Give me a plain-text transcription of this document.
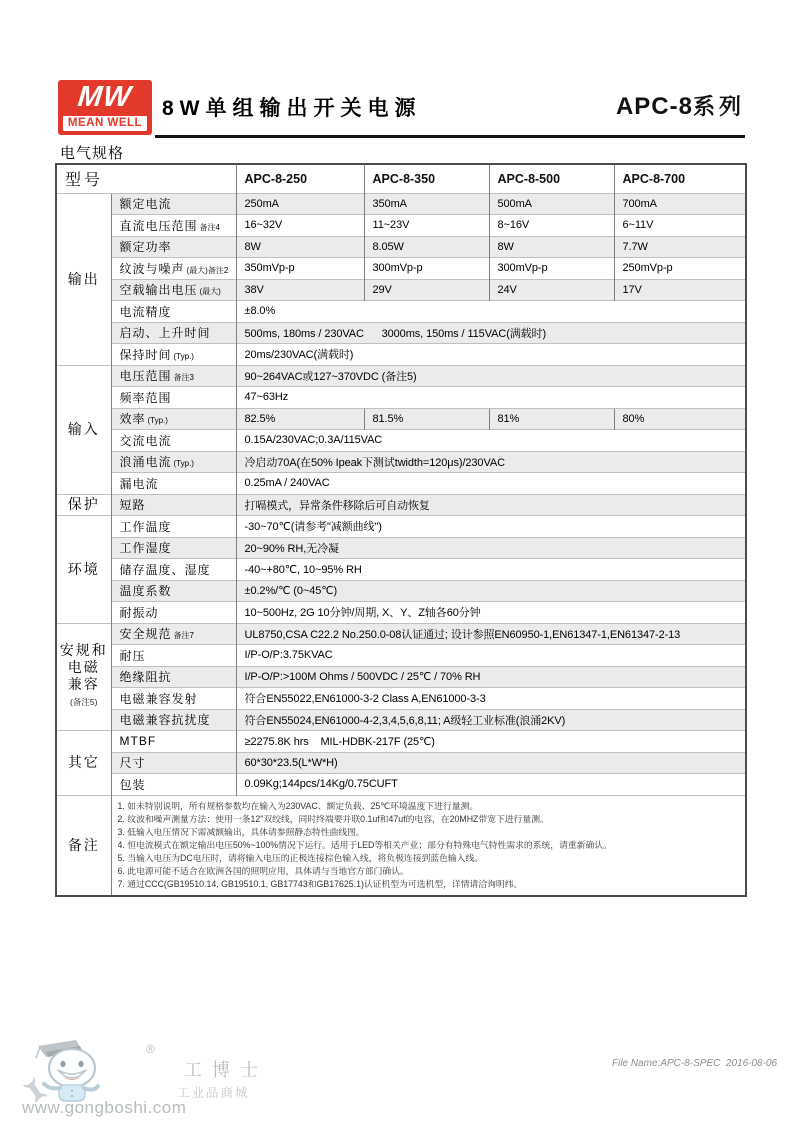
MW
MEAN WELL
8W单组输出开关电源	APC-8系列
电气规格
型号		APC-8-250	APC-8-350	APC-8-500	APC-8-700
输出	额定电流	250mA	350mA	500mA	700mA
	直流电压范围 备注4	16~32V	11~23V	8~16V	6~11V
	额定功率	8W	8.05W	8W	7.7W
	纹波与噪声 (最大)备注2	350mVp-p	300mVp-p	300mVp-p	250mVp-p
	空载输出电压 (最大)	38V	29V	24V	17V
	电流精度	±8.0%			
	启动、上升时间	500ms, 180ms / 230VAC      3000ms, 150ms / 115VAC(满载时)			
	保持时间 (Typ.)	20ms/230VAC(满载时)			
输入	电压范围 备注3	90~264VAC或127~370VDC (备注5)			
	频率范围	47~63Hz			
	效率 (Typ.)	82.5%	81.5%	81%	80%
	交流电流	0.15A/230VAC;0.3A/115VAC			
	浪涌电流 (Typ.)	冷启动70A(在50% Ipeak下测试twidth=120μs)/230VAC			
	漏电流	0.25mA / 240VAC			
保护	短路	打嗝模式，异常条件移除后可自动恢复			
环境	工作温度	-30~70℃(请参考"减额曲线")			
	工作湿度	20~90% RH,无冷凝			
	储存温度、湿度	-40~+80℃, 10~95% RH			
	温度系数	±0.2%/℃ (0~45℃)			
	耐振动	10~500Hz, 2G 10分钟/周期, X、Y、Z轴各60分钟			
安规和
电磁
兼容
(备注5)	安全规范 备注7	UL8750,CSA C22.2 No.250.0-08认证通过; 设计参照EN60950-1,EN61347-1,EN61347-2-13			
	耐压	I/P-O/P:3.75KVAC			
	绝缘阻抗	I/P-O/P:>100M Ohms / 500VDC / 25℃ / 70% RH			
	电磁兼容发射	符合EN55022,EN61000-3-2 Class A,EN61000-3-3			
	电磁兼容抗扰度	符合EN55024,EN61000-4-2,3,4,5,6,8,11; A级轻工业标准(浪涌2KV)			
其它	MTBF	≥2275.8K hrs    MIL-HDBK-217F (25℃)			
	尺寸	60*30*23.5(L*W*H)			
	包装	0.09Kg;144pcs/14Kg/0.75CUFT			
备注	
1. 如未特别说明，所有规格参数均在输入为230VAC、额定负载、25℃环境温度下进行量测。
2. 纹波和噪声测量方法：使用一条12"双绞线，同时终端要并联0.1uf和47uf的电容，在20MHZ带宽下进行量测。
3. 低输入电压情况下需减额输出，具体请参照静态特性曲线图。
4. 恒电流模式在额定输出电压50%~100%情况下运行。适用于LED等相关产业；部分有特殊电气特性需求的系统，请重新确认。
5. 当输入电压为DC电压时，请将输入电压的正极连接棕色输入线，将负极连接到蓝色输入线。
6. 此电源可能不适合在欧洲各国的照明应用，具体请与当地官方部门确认。
7. 通过CCC(GB19510.14, GB19510.1, GB17743和GB17625.1)认证机型为可选机型，详情请洽询明纬。
®
工博士
工业品商城
www.gongboshi.com
File Name:APC-8-SPEC  2016-08-06
